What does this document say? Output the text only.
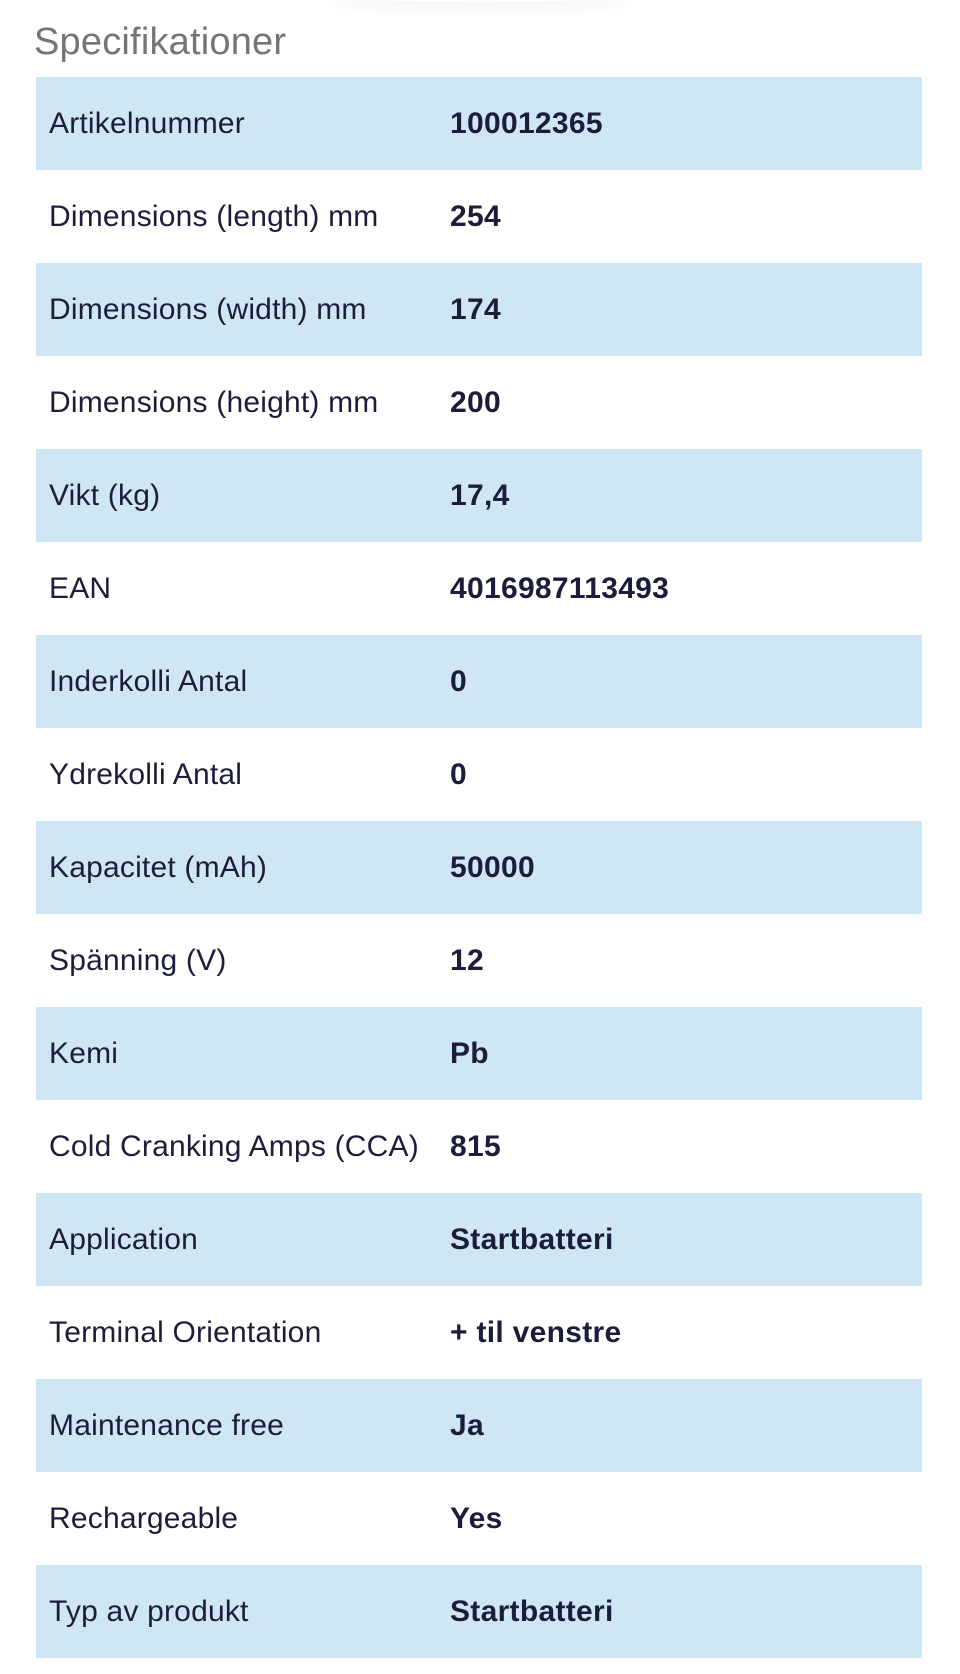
Specifikationer
Artikelnummer	100012365
Dimensions (length) mm	254
Dimensions (width) mm	174
Dimensions (height) mm	200
Vikt (kg)	17,4
EAN	4016987113493
Inderkolli Antal	0
Ydrekolli Antal	0
Kapacitet (mAh)	50000
Spänning (V)	12
Kemi	Pb
Cold Cranking Amps (CCA)	815
Application	Startbatteri
Terminal Orientation	+ til venstre
Maintenance free	Ja
Rechargeable	Yes
Typ av produkt	Startbatteri
